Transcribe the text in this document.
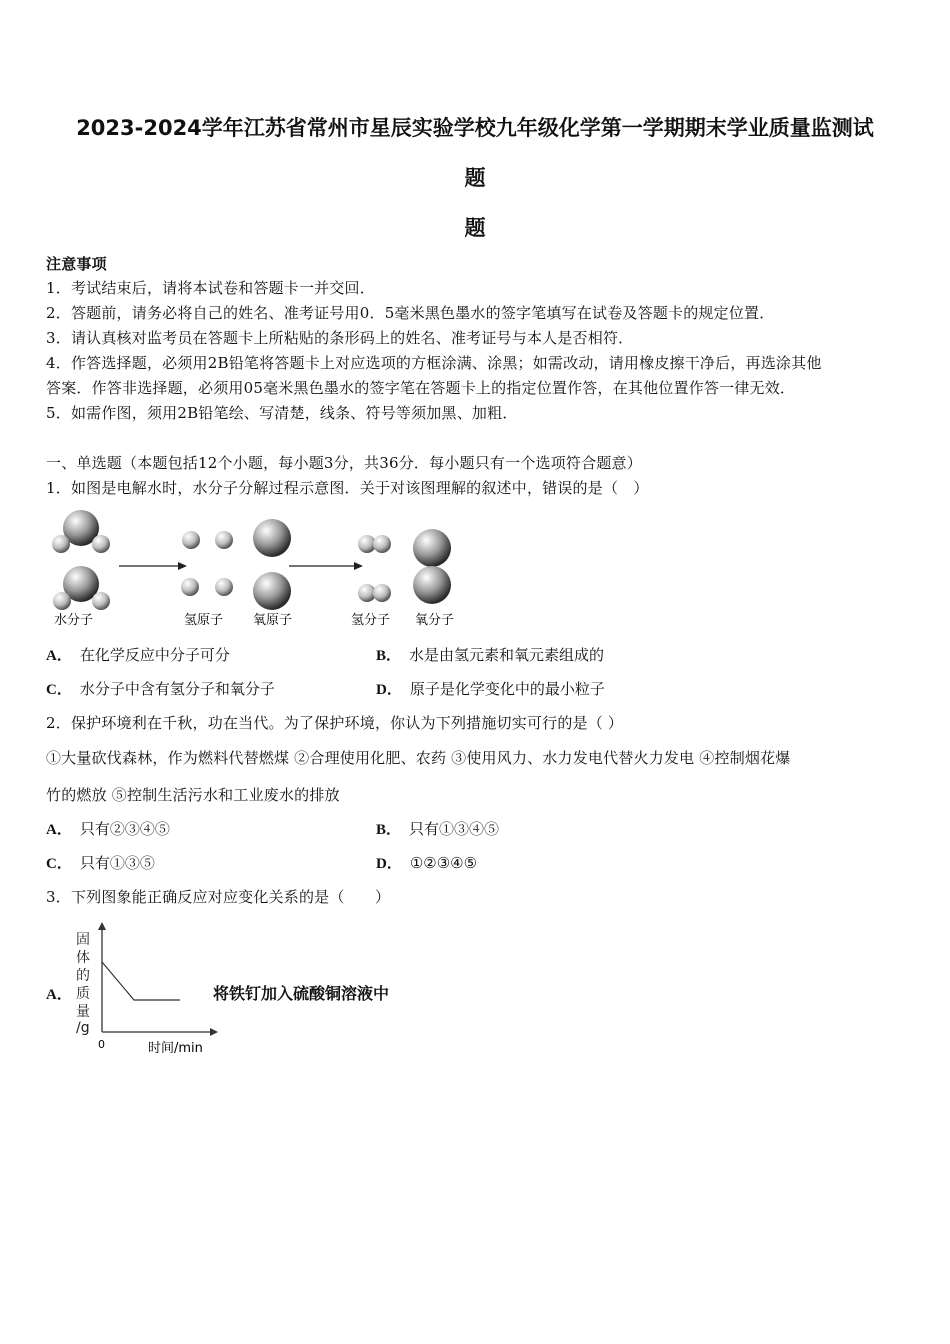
2023-2024学年江苏省常州市星辰实验学校九年级化学第一学期期末学业质量监测试
题
题
注意事项
1．考试结束后，请将本试卷和答题卡一并交回．
2．答题前，请务必将自己的姓名、准考证号用0．5毫米黑色墨水的签字笔填写在试卷及答题卡的规定位置．
3．请认真核对监考员在答题卡上所粘贴的条形码上的姓名、准考证号与本人是否相符．
4．作答选择题，必须用2B铅笔将答题卡上对应选项的方框涂满、涂黑；如需改动，请用橡皮擦干净后，再选涂其他
答案．作答非选择题，必须用05毫米黑色墨水的签字笔在答题卡上的指定位置作答，在其他位置作答一律无效．
5．如需作图，须用2B铅笔绘、写清楚，线条、符号等须加黑、加粗．
一、单选题（本题包括12个小题，每小题3分，共36分．每小题只有一个选项符合题意）
1．如图是电解水时，水分子分解过程示意图．关于对该图理解的叙述中，错误的是（　）
水分子	氢原子 氧原子	氢分子 氧分子
A． 在化学反应中分子可分	B． 水是由氢元素和氧元素组成的
C． 水分子中含有氢分子和氧分子	D． 原子是化学变化中的最小粒子
2．保护环境利在千秋，功在当代。为了保护环境，你认为下列措施切实可行的是（ ）
①大量砍伐森林，作为燃料代替燃煤 ②合理使用化肥、农药 ③使用风力、水力发电代替火力发电 ④控制烟花爆
竹的燃放 ⑤控制生活污水和工业废水的排放
A． 只有②③④⑤	B． 只有①③④⑤
C． 只有①③⑤	D． ①②③④⑤
3．下列图象能正确反应对应变化关系的是（　　）
A．
固 体 的 质 量 /g
0	时间/min
将铁钉加入硫酸铜溶液中
